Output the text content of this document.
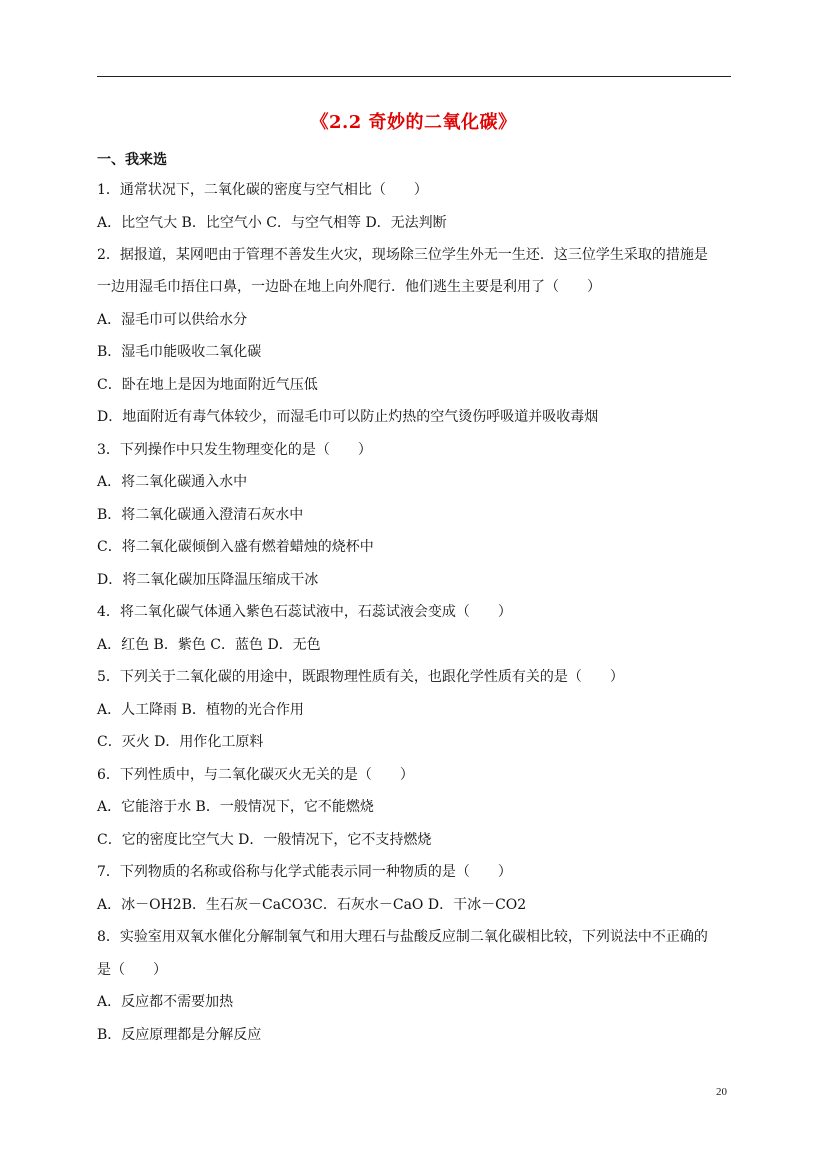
《2.2 奇妙的二氧化碳》
一、我来选
1．通常状况下，二氧化碳的密度与空气相比（　　）
A．比空气大 B．比空气小 C．与空气相等 D．无法判断
2．据报道，某网吧由于管理不善发生火灾，现场除三位学生外无一生还．这三位学生采取的措施是
一边用湿毛巾捂住口鼻，一边卧在地上向外爬行．他们逃生主要是利用了（　　）
A．湿毛巾可以供给水分
B．湿毛巾能吸收二氧化碳
C．卧在地上是因为地面附近气压低
D．地面附近有毒气体较少，而湿毛巾可以防止灼热的空气烫伤呼吸道并吸收毒烟
3．下列操作中只发生物理变化的是（　　）
A．将二氧化碳通入水中
B．将二氧化碳通入澄清石灰水中
C．将二氧化碳倾倒入盛有燃着蜡烛的烧杯中
D．将二氧化碳加压降温压缩成干冰
4．将二氧化碳气体通入紫色石蕊试液中，石蕊试液会变成（　　）
A．红色 B．紫色 C．蓝色 D．无色
5．下列关于二氧化碳的用途中，既跟物理性质有关，也跟化学性质有关的是（　　）
A．人工降雨 B．植物的光合作用
C．灭火 D．用作化工原料
6．下列性质中，与二氧化碳灭火无关的是（　　）
A．它能溶于水 B．一般情况下，它不能燃烧
C．它的密度比空气大 D．一般情况下，它不支持燃烧
7．下列物质的名称或俗称与化学式能表示同一种物质的是（　　）
A．冰－OH2B．生石灰－CaCO3C．石灰水－CaO D．干冰－CO2
8．实验室用双氧水催化分解制氧气和用大理石与盐酸反应制二氧化碳相比较，下列说法中不正确的
是（　　）
A．反应都不需要加热
B．反应原理都是分解反应
20
